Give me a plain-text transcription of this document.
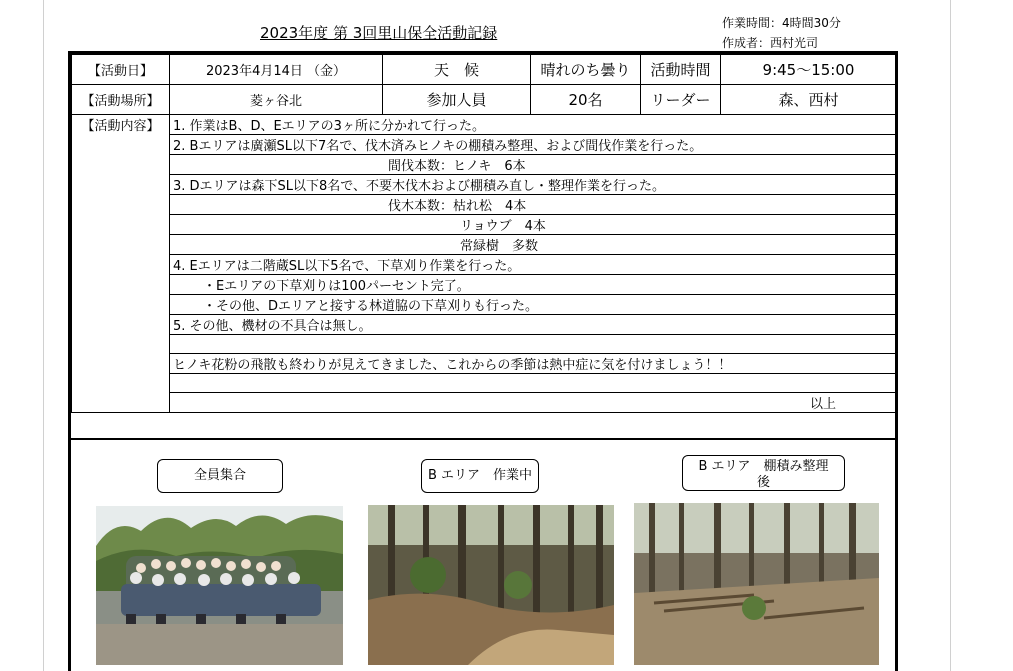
2023年度 第 3回里山保全活動記録
作業時間：4時間30分
作成者：西村光司
【活動日】	2023年4月14日 （金）	天　候	晴れのち曇り	活動時間	9:45～15:00
【活動場所】	菱ヶ谷北	参加人員	20名	リーダー	森、西村
【活動内容】	1. 作業はB、D、Eエリアの3ヶ所に分かれて行った。				
	2. Bエリアは廣瀬SL以下7名で、伐木済みヒノキの棚積み整理、および間伐作業を行った。				
	間伐本数：ヒノキ　6本				
	3. Dエリアは森下SL以下8名で、不要木伐木および棚積み直し・整理作業を行った。				
	伐木本数：枯れ松　4本				
	リョウブ　4本				
	常緑樹　多数				
	4. Eエリアは二階蔵SL以下5名で、下草刈り作業を行った。				
	・Eエリアの下草刈りは100パーセント完了。				
	・その他、Dエリアと接する林道脇の下草刈りも行った。				
	5. その他、機材の不具合は無し。				

	ヒノキ花粉の飛散も終わりが見えてきました、これからの季節は熱中症に気を付けましょう！！				

	以上				
全員集合	B エリア　作業中
B エリア　棚積み整理後
